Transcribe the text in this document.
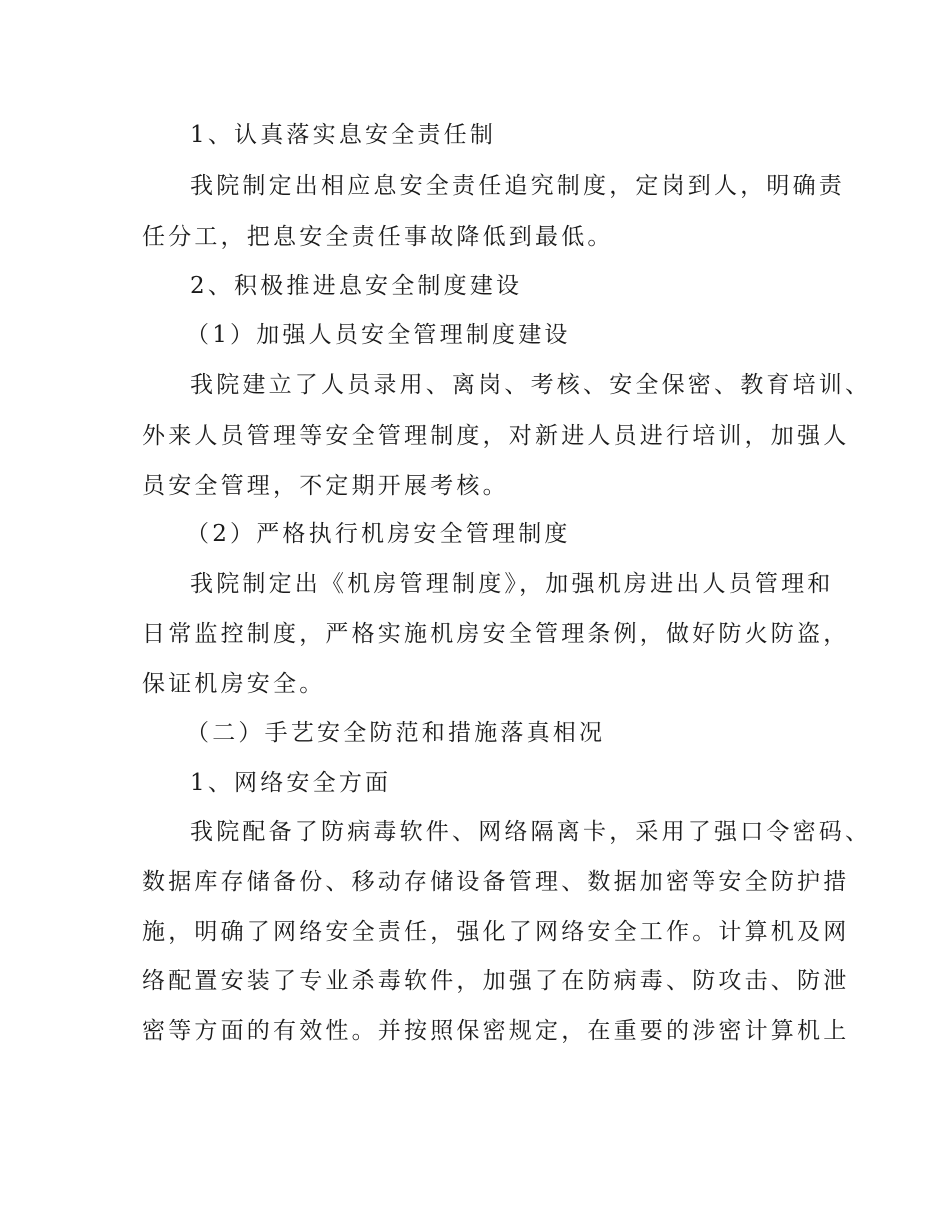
1、认真落实息安全责任制

我院制定出相应息安全责任追究制度，定岗到人，明确责

任分工，把息安全责任事故降低到最低。

2、积极推进息安全制度建设

（1）加强人员安全管理制度建设

我院建立了人员录用、离岗、考核、安全保密、教育培训、

外来人员管理等安全管理制度，对新进人员进行培训，加强人

员安全管理，不定期开展考核。

（2）严格执行机房安全管理制度

我院制定出《机房管理制度》，加强机房进出人员管理和

日常监控制度，严格实施机房安全管理条例，做好防火防盗，

保证机房安全。

（二）手艺安全防范和措施落真相况

1、网络安全方面

我院配备了防病毒软件、网络隔离卡，采用了强口令密码、

数据库存储备份、移动存储设备管理、数据加密等安全防护措

施，明确了网络安全责任，强化了网络安全工作。计算机及网

络配置安装了专业杀毒软件，加强了在防病毒、防攻击、防泄

密等方面的有效性。并按照保密规定，在重要的涉密计算机上
